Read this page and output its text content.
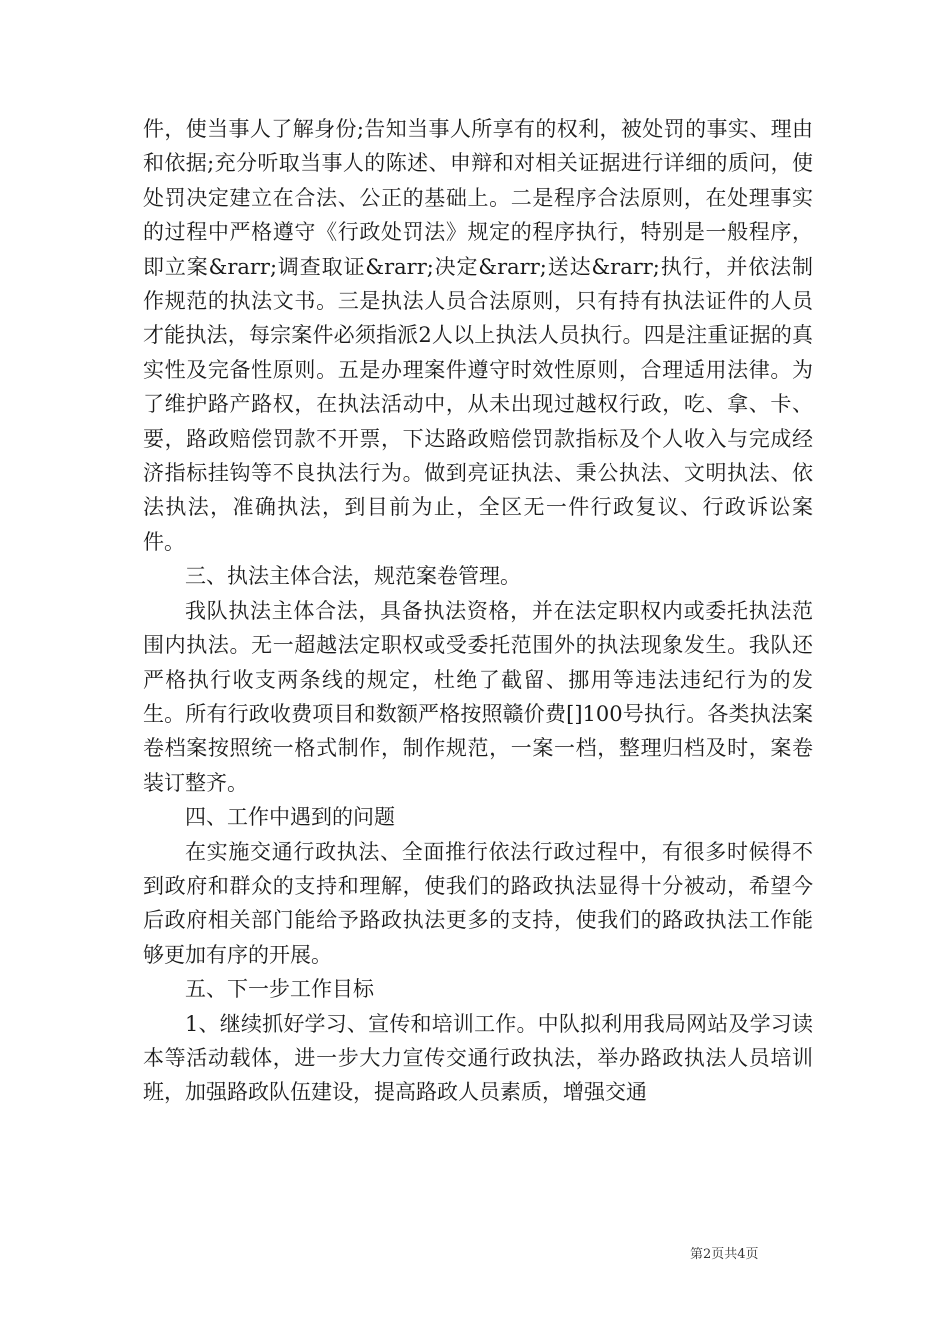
件，使当事人了解身份;告知当事人所享有的权利，被处罚的事实、理由和依据;充分听取当事人的陈述、申辩和对相关证据进行详细的质问，使处罚决定建立在合法、公正的基础上。二是程序合法原则，在处理事实的过程中严格遵守《行政处罚法》规定的程序执行，特别是一般程序，即立案&rarr;调查取证&rarr;决定&rarr;送达&rarr;执行，并依法制作规范的执法文书。三是执法人员合法原则，只有持有执法证件的人员才能执法，每宗案件必须指派2人以上执法人员执行。四是注重证据的真实性及完备性原则。五是办理案件遵守时效性原则，合理适用法律。为了维护路产路权，在执法活动中，从未出现过越权行政，吃、拿、卡、要，路政赔偿罚款不开票，下达路政赔偿罚款指标及个人收入与完成经济指标挂钩等不良执法行为。做到亮证执法、秉公执法、文明执法、依法执法，准确执法，到目前为止，全区无一件行政复议、行政诉讼案件。

三、执法主体合法，规范案卷管理。

我队执法主体合法，具备执法资格，并在法定职权内或委托执法范围内执法。无一超越法定职权或受委托范围外的执法现象发生。我队还严格执行收支两条线的规定，杜绝了截留、挪用等违法违纪行为的发生。所有行政收费项目和数额严格按照赣价费[]100号执行。各类执法案卷档案按照统一格式制作，制作规范，一案一档，整理归档及时，案卷装订整齐。

四、工作中遇到的问题

在实施交通行政执法、全面推行依法行政过程中，有很多时候得不到政府和群众的支持和理解，使我们的路政执法显得十分被动，希望今后政府相关部门能给予路政执法更多的支持，使我们的路政执法工作能够更加有序的开展。

五、下一步工作目标

1、继续抓好学习、宣传和培训工作。中队拟利用我局网站及学习读本等活动载体，进一步大力宣传交通行政执法，举办路政执法人员培训班，加强路政队伍建设，提高路政人员素质，增强交通

第2页共4页
